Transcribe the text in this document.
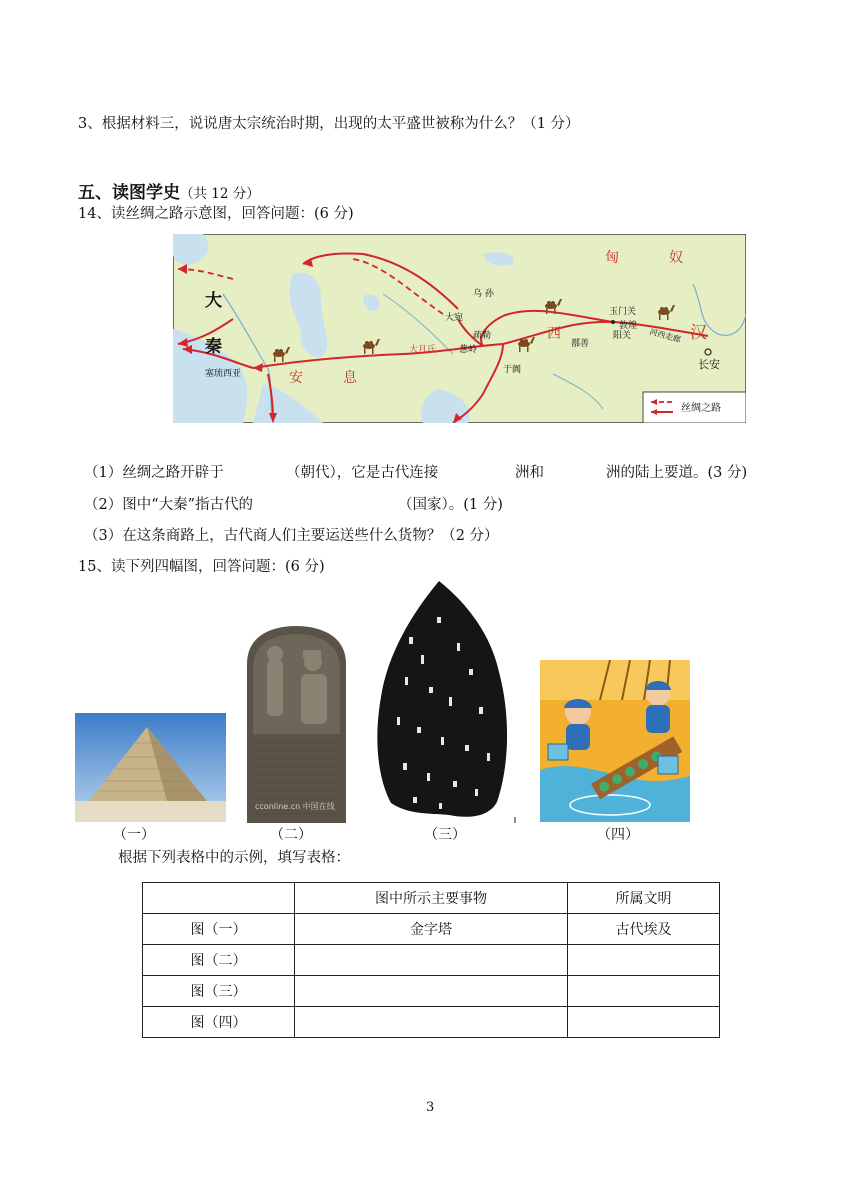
3、根据材料三，说说唐太宗统治时期，出现的太平盛世被称为什么？（1 分）
五、读图学史（共 12 分）
14、读丝绸之路示意图，回答问题：(6 分)
匈	奴
汉
长安
大
秦
安	息
西
大宛
乌 孙
疏勒
葱岭
大月氏
于阗
鄯善
玉门关
阳关
敦煌
河西走廊
塞琉西亚
丝绸之路
（1）丝绸之路开辟于	（朝代），它是古代连接	洲和	洲的陆上要道。(3 分)
（2）图中“大秦”指古代的	（国家）。(1 分)
（3）在这条商路上，古代商人们主要运送些什么货物？（2 分）
15、读下列四幅图，回答问题：(6 分)
cconline.cn 中国在线
（一）	（二）	（三）	（四）
根据下列表格中的示例，填写表格：
	图中所示主要事物	所属文明
图（一）	金字塔	古代埃及
图（二）		
图（三）		
图（四）		
3
